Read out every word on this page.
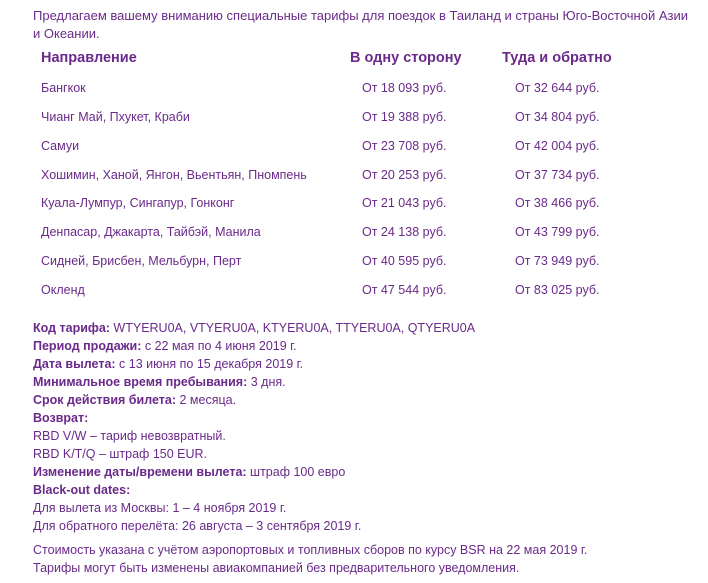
Предлагаем вашему вниманию специальные тарифы для поездок в Таиланд и страны Юго-Восточной Азии и Океании.
Направление	В одну сторону	Туда и обратно
Бангкок	От 18 093 руб.	От 32 644 руб.
Чианг Май, Пхукет, Краби	От 19 388 руб.	От 34 804 руб.
Самуи	От 23 708 руб.	От 42 004 руб.
Хошимин, Ханой, Янгон, Вьентьян, Пномпень	От 20 253 руб.	От 37 734 руб.
Куала-Лумпур, Сингапур, Гонконг	От 21 043 руб.	От 38 466 руб.
Денпасар, Джакарта, Тайбэй, Манила	От 24 138 руб.	От 43 799 руб.
Сидней, Брисбен, Мельбурн, Перт	От 40 595 руб.	От 73 949 руб.
Окленд	От 47 544 руб.	От 83 025 руб.
Код тарифа: WTYERU0A, VTYERU0A, KTYERU0A, TTYERU0A, QTYERU0A
Период продажи: с 22 мая по 4 июня 2019 г.
Дата вылета: с 13 июня по 15 декабря 2019 г.
Минимальное время пребывания: 3 дня.
Срок действия билета: 2 месяца.
Возврат:
RBD V/W – тариф невозвратный.
RBD K/T/Q – штраф 150 EUR.
Изменение даты/времени вылета: штраф 100 евро
Black-out dates:
Для вылета из Москвы: 1 – 4 ноября 2019 г.
Для обратного перелёта: 26 августа – 3 сентября 2019 г.
Стоимость указана с учётом аэропортовых и топливных сборов по курсу BSR на 22 мая 2019 г.
Тарифы могут быть изменены авиакомпанией без предварительного уведомления.
